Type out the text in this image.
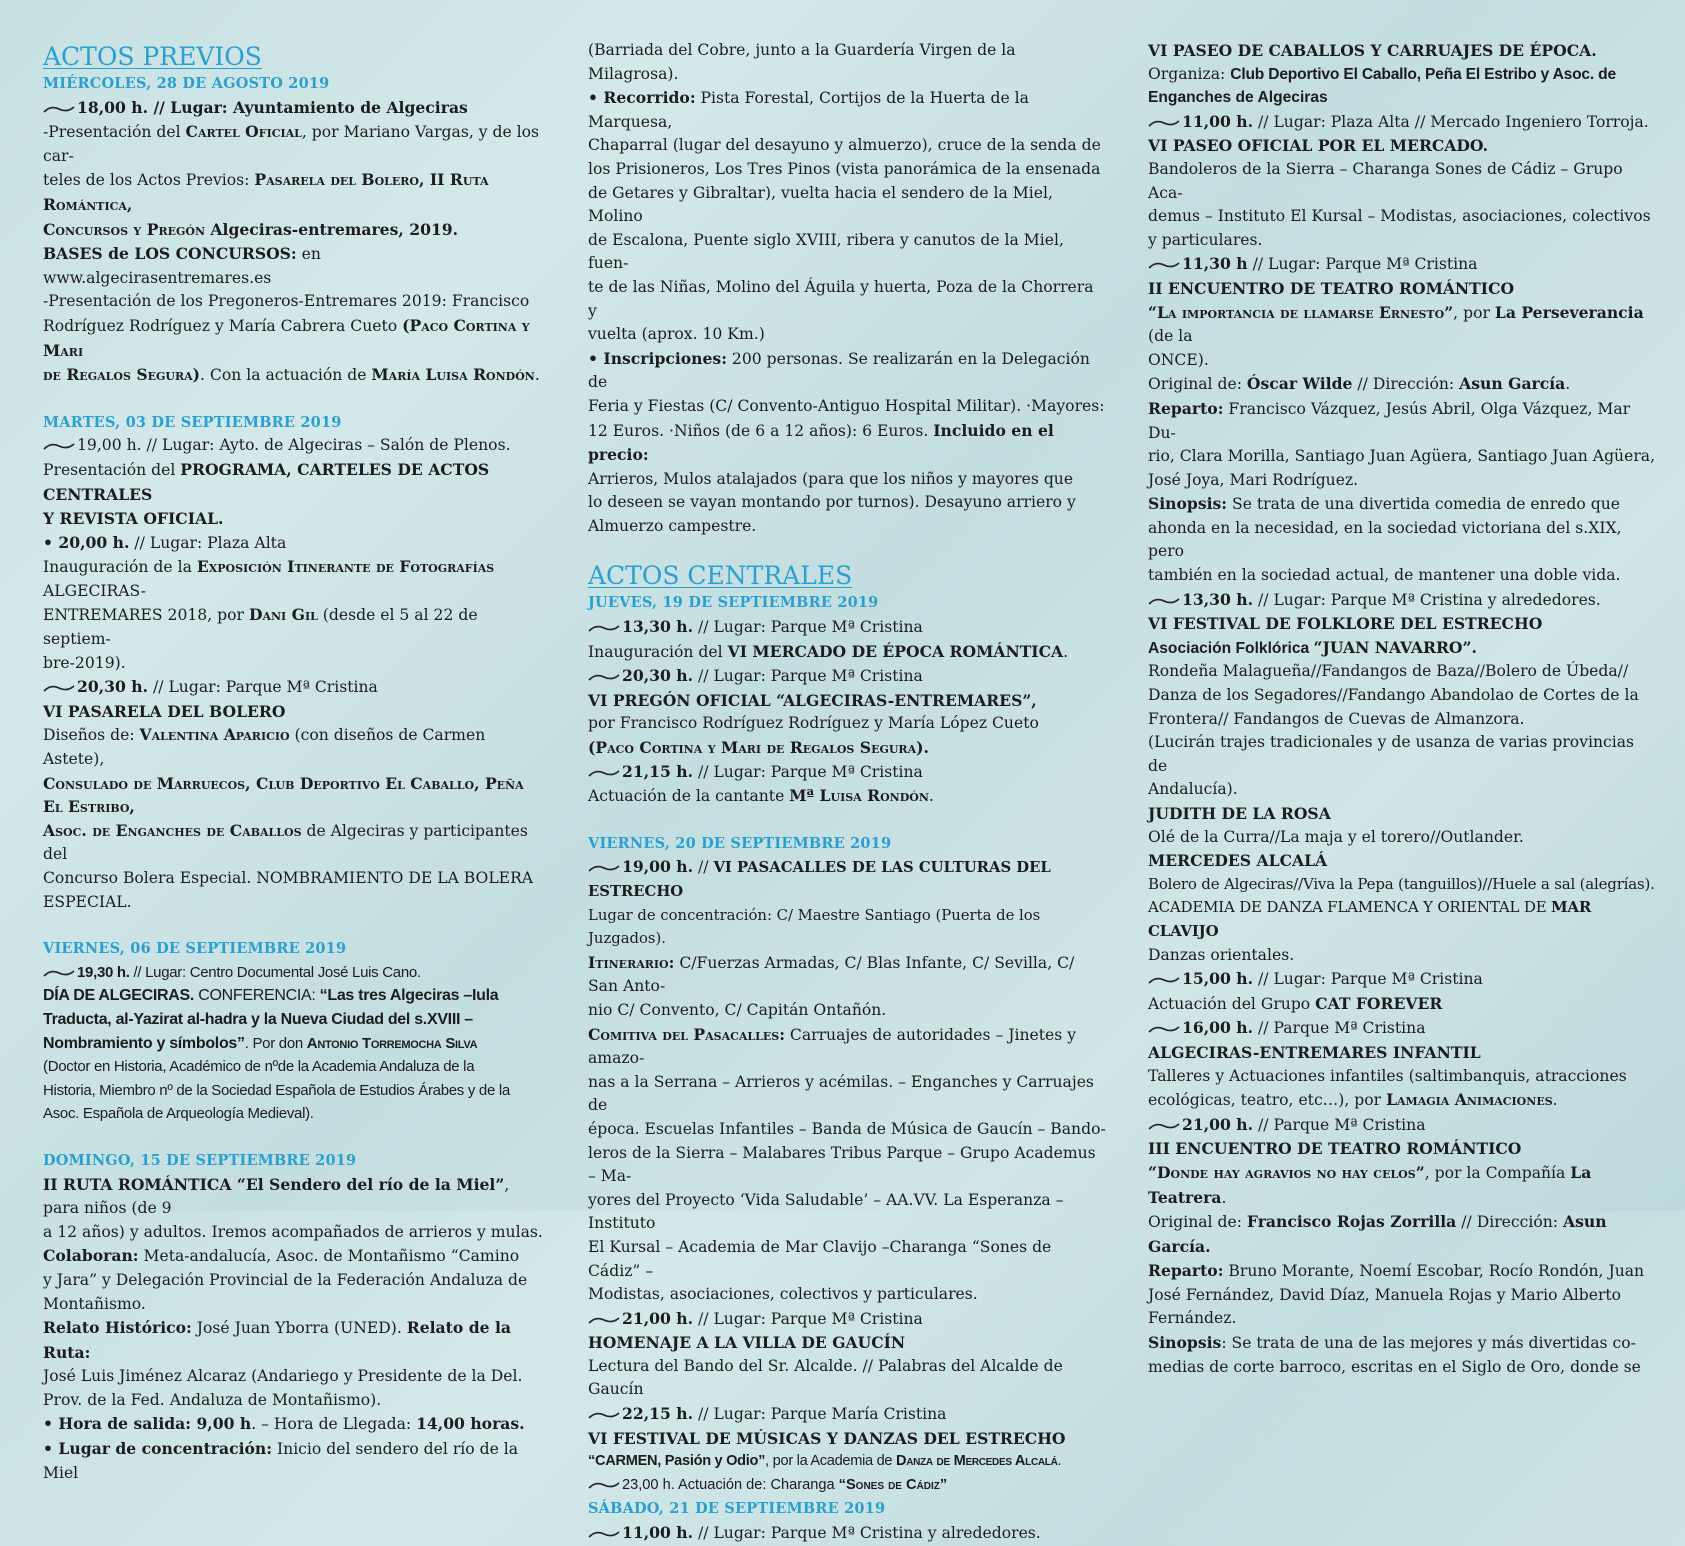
ACTOS PREVIOS

MIÉRCOLES, 28 DE AGOSTO 2019

18,00 h. // Lugar: Ayuntamiento de Algeciras

-Presentación del Cartel Oficial, por Mariano Vargas, y de los car-

teles de los Actos Previos: Pasarela del Bolero, II Ruta Romántica,

Concursos y Pregón Algeciras-entremares, 2019.

BASES de LOS CONCURSOS: en www.algecirasentremares.es

-Presentación de los Pregoneros-Entremares 2019: Francisco

Rodríguez Rodríguez y María Cabrera Cueto (Paco Cortina y Mari

de Regalos Segura). Con la actuación de María Luisa Rondón.

MARTES, 03 DE SEPTIEMBRE 2019

19,00 h. // Lugar: Ayto. de Algeciras – Salón de Plenos.

Presentación del PROGRAMA, CARTELES DE ACTOS CENTRALES

Y REVISTA OFICIAL.

• 20,00 h. // Lugar: Plaza Alta

Inauguración de la Exposición Itinerante de Fotografías ALGECIRAS-

ENTREMARES 2018, por Dani Gil (desde el 5 al 22 de septiem-

bre-2019).

20,30 h. // Lugar: Parque Mª Cristina

VI PASARELA DEL BOLERO

Diseños de: Valentina Aparicio (con diseños de Carmen Astete),

Consulado de Marruecos, Club Deportivo El Caballo, Peña El Estribo,

Asoc. de Enganches de Caballos de Algeciras y participantes del

Concurso Bolera Especial. NOMBRAMIENTO DE LA BOLERA

ESPECIAL.

VIERNES, 06 DE SEPTIEMBRE 2019

19,30 h. // Lugar: Centro Documental José Luis Cano.

DÍA DE ALGECIRAS. CONFERENCIA: “Las tres Algeciras –Iula

Traducta, al-Yazirat al-hadra y la Nueva Ciudad del s.XVIII –

Nombramiento y símbolos”. Por don Antonio Torremocha Silva

(Doctor en Historia, Académico de nºde la Academia Andaluza de la

Historia, Miembro nº de la Sociedad Española de Estudios Árabes y de la

Asoc. Española de Arqueología Medieval).

DOMINGO, 15 DE SEPTIEMBRE 2019

II RUTA ROMÁNTICA “El Sendero del río de la Miel”, para niños (de 9

a 12 años) y adultos. Iremos acompañados de arrieros y mulas.

Colaboran: Meta-andalucía, Asoc. de Montañismo “Camino

y Jara” y Delegación Provincial de la Federación Andaluza de

Montañismo.

Relato Histórico: José Juan Yborra (UNED). Relato de la Ruta:

José Luis Jiménez Alcaraz (Andariego y Presidente de la Del.

Prov. de la Fed. Andaluza de Montañismo).

• Hora de salida: 9,00 h. – Hora de Llegada: 14,00 horas.

• Lugar de concentración: Inicio del sendero del río de la Miel

(Barriada del Cobre, junto a la Guardería Virgen de la Milagrosa).

• Recorrido: Pista Forestal, Cortijos de la Huerta de la Marquesa,

Chaparral (lugar del desayuno y almuerzo), cruce de la senda de

los Prisioneros, Los Tres Pinos (vista panorámica de la ensenada

de Getares y Gibraltar), vuelta hacia el sendero de la Miel, Molino

de Escalona, Puente siglo XVIII, ribera y canutos de la Miel, fuen-

te de las Niñas, Molino del Águila y huerta, Poza de la Chorrera y

vuelta (aprox. 10 Km.)

• Inscripciones: 200 personas. Se realizarán en la Delegación de

Feria y Fiestas (C/ Convento-Antiguo Hospital Militar). ·Mayores:

12 Euros. ·Niños (de 6 a 12 años): 6 Euros. Incluido en el precio:

Arrieros, Mulos atalajados (para que los niños y mayores que

lo deseen se vayan montando por turnos). Desayuno arriero y

Almuerzo campestre.

ACTOS CENTRALES

JUEVES, 19 DE SEPTIEMBRE 2019

13,30 h. // Lugar: Parque Mª Cristina

Inauguración del VI MERCADO DE ÉPOCA ROMÁNTICA.

20,30 h. // Lugar: Parque Mª Cristina

VI PREGÓN OFICIAL “ALGECIRAS-ENTREMARES”,

por Francisco Rodríguez Rodríguez y María López Cueto

(Paco Cortina y Mari de Regalos Segura).

21,15 h. // Lugar: Parque Mª Cristina

Actuación de la cantante Mª Luisa Rondón.

VIERNES, 20 DE SEPTIEMBRE 2019

19,00 h. // VI PASACALLES DE LAS CULTURAS DEL ESTRECHO

Lugar de concentración: C/ Maestre Santiago (Puerta de los Juzgados).

Itinerario: C/Fuerzas Armadas, C/ Blas Infante, C/ Sevilla, C/ San Anto-

nio C/ Convento, C/ Capitán Ontañón.

Comitiva del Pasacalles: Carruajes de autoridades – Jinetes y amazo-

nas a la Serrana – Arrieros y acémilas. – Enganches y Carruajes de

época. Escuelas Infantiles – Banda de Música de Gaucín – Bando-

leros de la Sierra – Malabares Tribus Parque – Grupo Academus – Ma-

yores del Proyecto ‘Vida Saludable’ – AA.VV. La Esperanza – Instituto

El Kursal – Academia de Mar Clavijo –Charanga “Sones de Cádiz” –

Modistas, asociaciones, colectivos y particulares.

21,00 h. // Lugar: Parque Mª Cristina

HOMENAJE A LA VILLA DE GAUCÍN

Lectura del Bando del Sr. Alcalde. // Palabras del Alcalde de Gaucín

22,15 h. // Lugar: Parque María Cristina

VI FESTIVAL DE MÚSICAS Y DANZAS DEL ESTRECHO

“CARMEN, Pasión y Odio”, por la Academia de Danza de Mercedes Alcalá.

23,00 h. Actuación de: Charanga “Sones de Cádiz”

SÁBADO, 21 DE SEPTIEMBRE 2019

11,00 h. // Lugar: Parque Mª Cristina y alrededores.

VI PASEO DE CABALLOS Y CARRUAJES DE ÉPOCA.

Organiza: Club Deportivo El Caballo, Peña El Estribo y Asoc. de

Enganches de Algeciras

11,00 h. // Lugar: Plaza Alta // Mercado Ingeniero Torroja.

VI PASEO OFICIAL POR EL MERCADO.

Bandoleros de la Sierra – Charanga Sones de Cádiz – Grupo Aca-

demus – Instituto El Kursal – Modistas, asociaciones, colectivos

y particulares.

11,30 h // Lugar: Parque Mª Cristina

II ENCUENTRO DE TEATRO ROMÁNTICO

“La importancia de llamarse Ernesto”, por La Perseverancia (de la

ONCE).

Original de: Óscar Wilde // Dirección: Asun García.

Reparto: Francisco Vázquez, Jesús Abril, Olga Vázquez, Mar Du-

rio, Clara Morilla, Santiago Juan Agüera, Santiago Juan Agüera,

José Joya, Mari Rodríguez.

Sinopsis: Se trata de una divertida comedia de enredo que

ahonda en la necesidad, en la sociedad victoriana del s.XIX, pero

también en la sociedad actual, de mantener una doble vida.

13,30 h. // Lugar: Parque Mª Cristina y alrededores.

VI FESTIVAL DE FOLKLORE DEL ESTRECHO

Asociación Folklórica “JUAN NAVARRO”.

Rondeña Malagueña//Fandangos de Baza//Bolero de Úbeda//

Danza de los Segadores//Fandango Abandolao de Cortes de la

Frontera// Fandangos de Cuevas de Almanzora.

(Lucirán trajes tradicionales y de usanza de varias provincias de

Andalucía).

JUDITH DE LA ROSA

Olé de la Curra//La maja y el torero//Outlander.

MERCEDES ALCALÁ

Bolero de Algeciras//Viva la Pepa (tanguillos)//Huele a sal (alegrías).

ACADEMIA DE DANZA FLAMENCA Y ORIENTAL DE MAR CLAVIJO

Danzas orientales.

15,00 h. // Lugar: Parque Mª Cristina

Actuación del Grupo CAT FOREVER

16,00 h. // Parque Mª Cristina

ALGECIRAS-ENTREMARES INFANTIL

Talleres y Actuaciones infantiles (saltimbanquis, atracciones

ecológicas, teatro, etc…), por Lamagia Animaciones.

21,00 h. // Parque Mª Cristina

III ENCUENTRO DE TEATRO ROMÁNTICO

“Donde hay agravios no hay celos”, por la Compañía La Teatrera.

Original de: Francisco Rojas Zorrilla // Dirección: Asun García.

Reparto: Bruno Morante, Noemí Escobar, Rocío Rondón, Juan

José Fernández, David Díaz, Manuela Rojas y Mario Alberto

Fernández.

Sinopsis: Se trata de una de las mejores y más divertidas co-

medias de corte barroco, escritas en el Siglo de Oro, donde se
